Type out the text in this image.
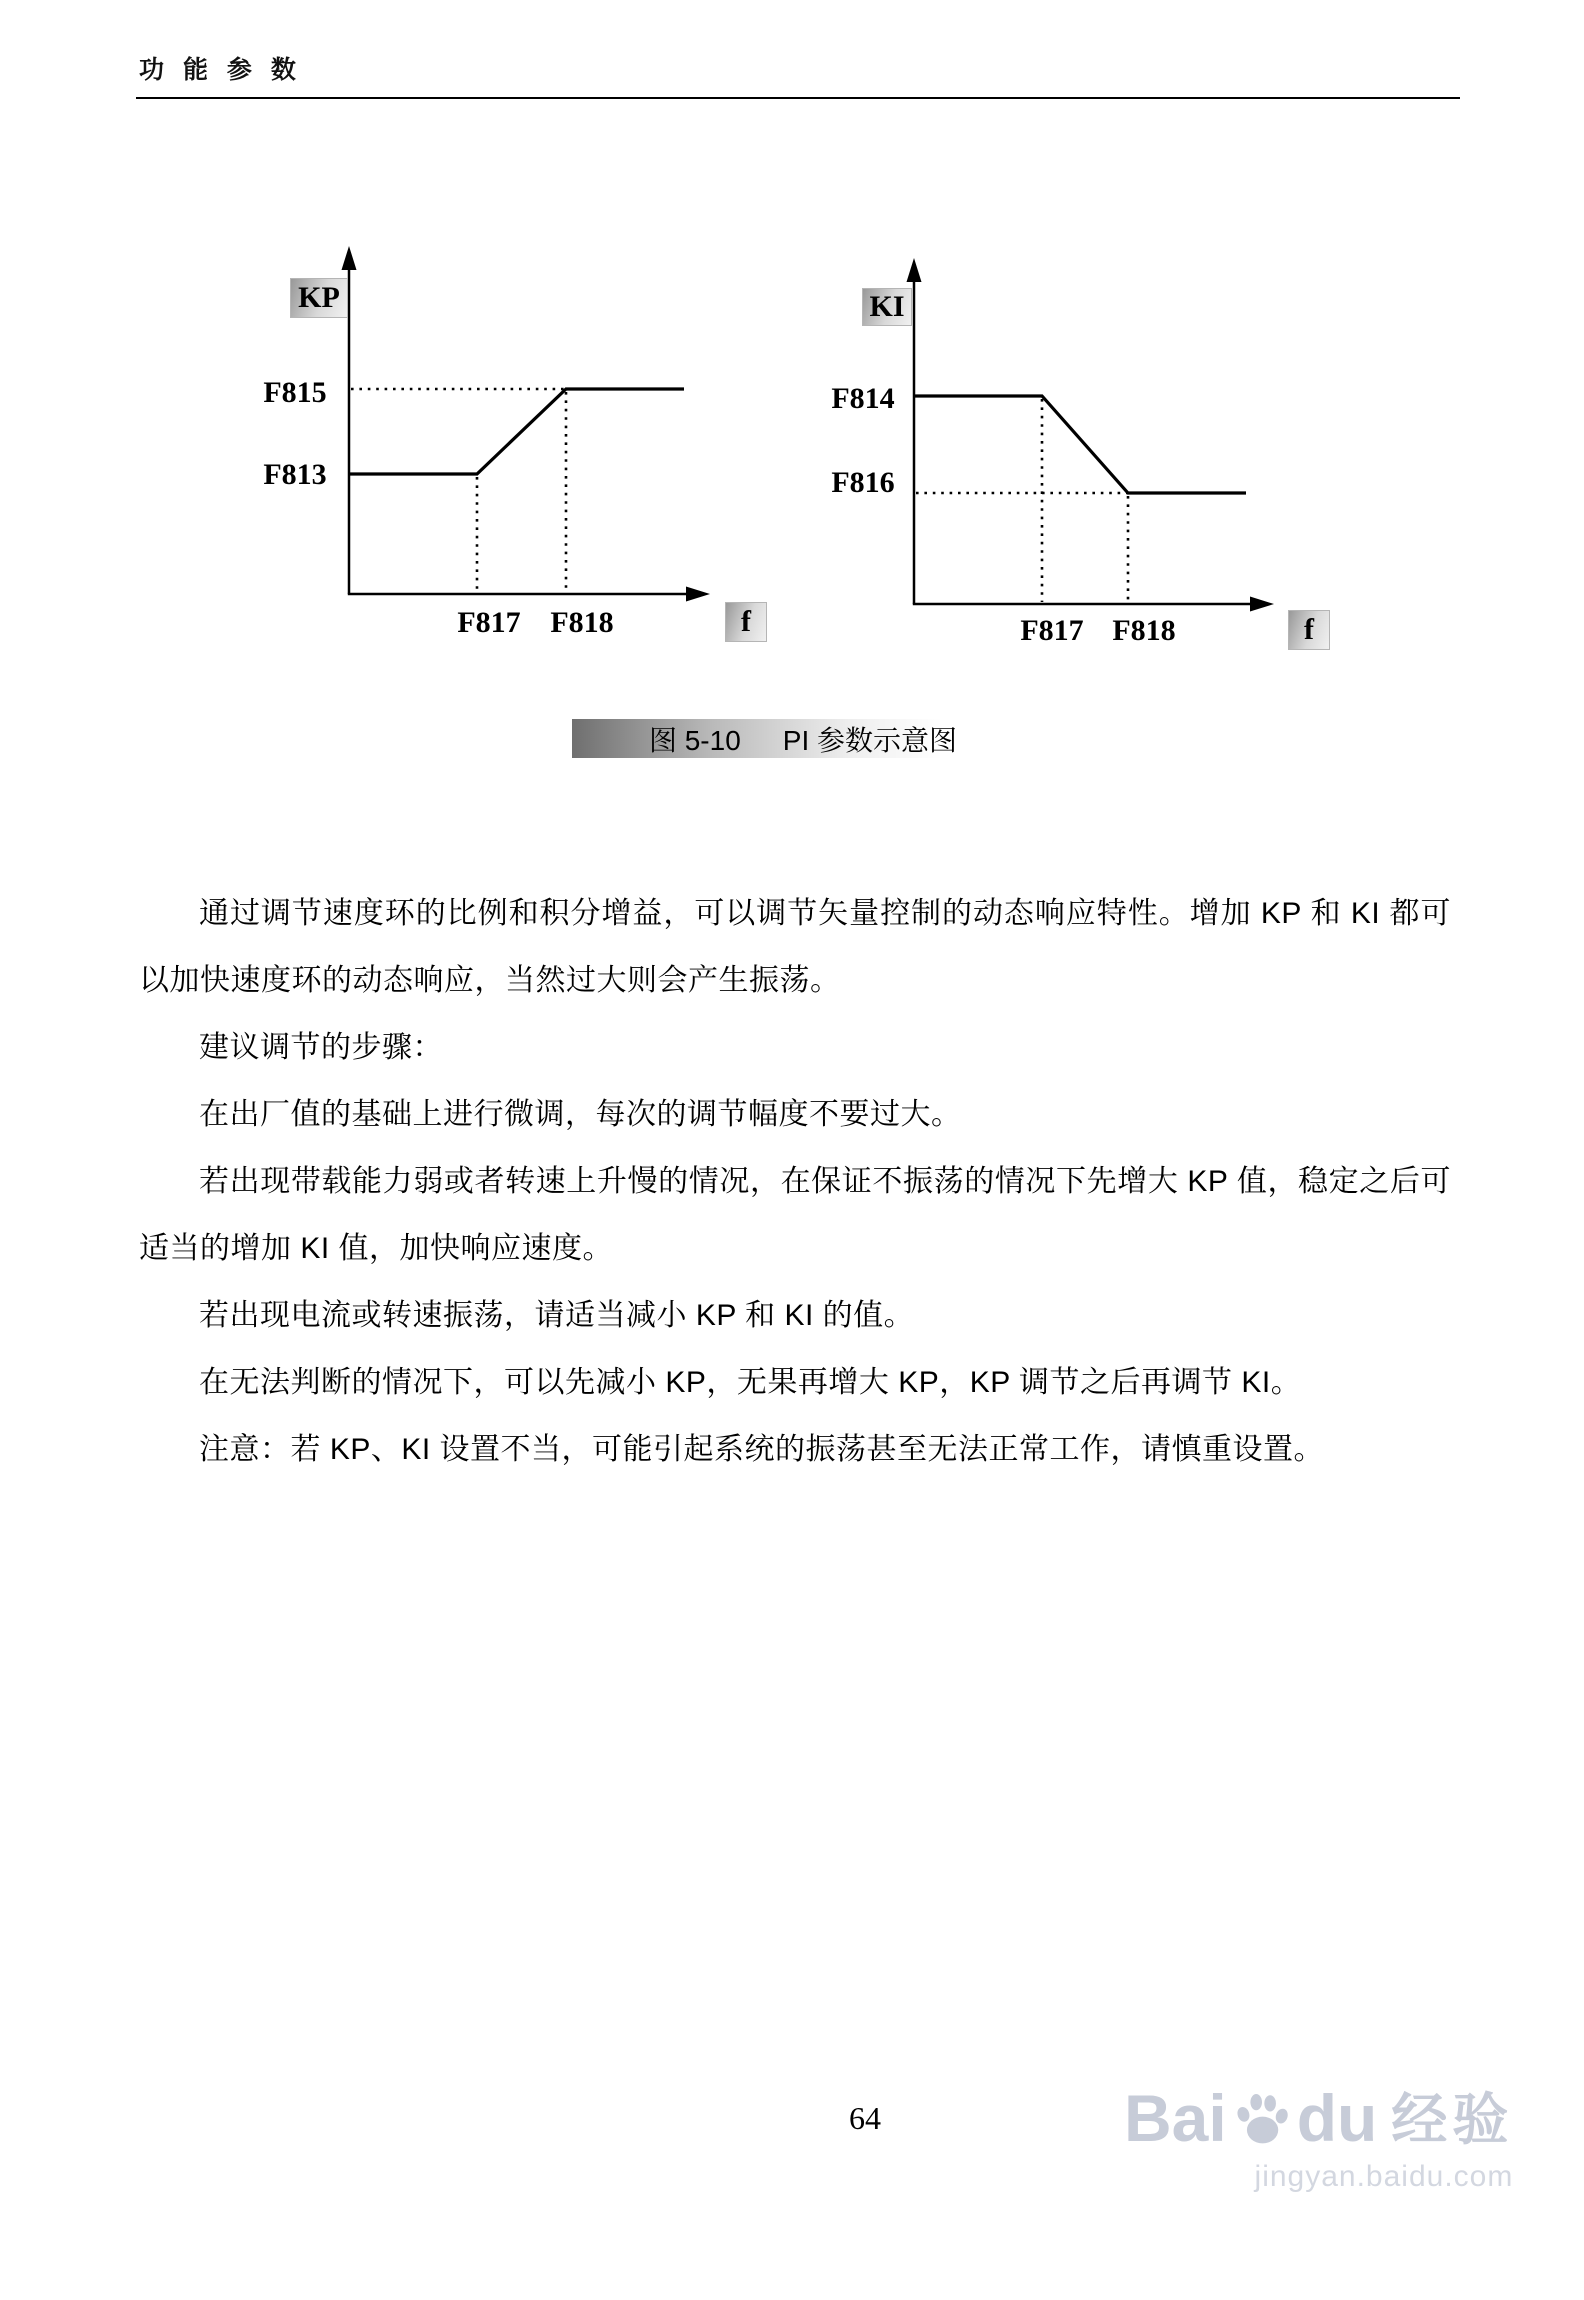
功 能 参 数
KP
F815
F813
F817 F818	f
KI
F814
F816
F817 F818	f
图 5-10 PI 参数示意图

通过调节速度环的比例和积分增益，可以调节矢量控制的动态响应特性。增加 KP 和 KI 都可以加快速度环的动态响应，当然过大则会产生振荡。

建议调节的步骤：

在出厂值的基础上进行微调，每次的调节幅度不要过大。

若出现带载能力弱或者转速上升慢的情况，在保证不振荡的情况下先增大 KP 值，稳定之后可适当的增加 KI 值，加快响应速度。

若出现电流或转速振荡，请适当减小 KP 和 KI 的值。

在无法判断的情况下，可以先减小 KP，无果再增大 KP，KP 调节之后再调节 KI。

注意：若 KP、KI 设置不当，可能引起系统的振荡甚至无法正常工作，请慎重设置。

64	Bai du 经验
jingyan.baidu.com
